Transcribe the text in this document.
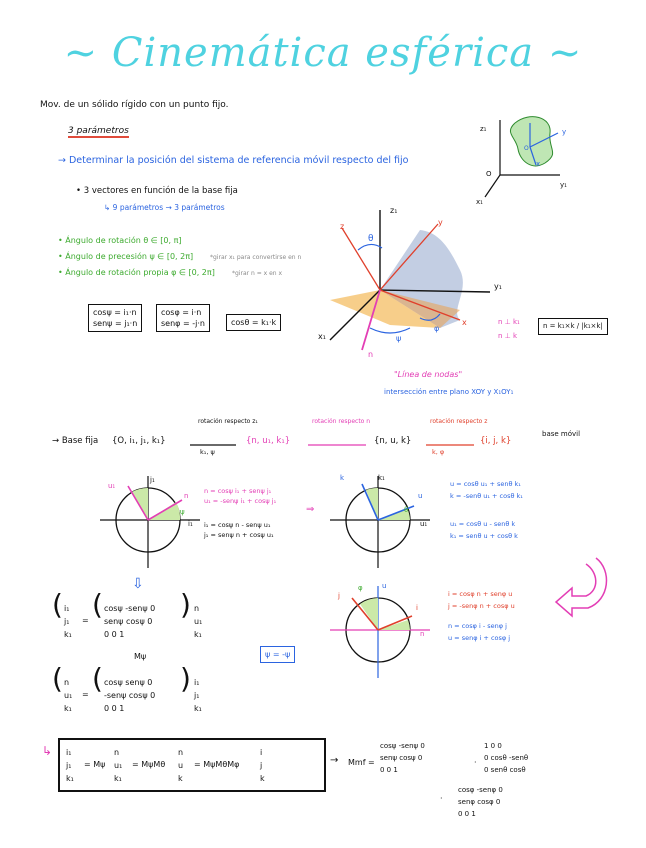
~ Cinemática esférica ~
Mov. de un sólido rígido con un punto fijo.
3 parámetros
→ Determinar la posición del sistema de referencia móvil respecto del fijo
• 3 vectores en función de la base fija
↳ 9 parámetros → 3 parámetros
• Ángulo de rotación θ ∈ [0, π]
• Ángulo de precesión ψ ∈ [0, 2π]	*girar x₁ para convertirse en n
• Ángulo de rotación propia φ ∈ [0, 2π]	*girar n = x en x
cosψ = i₁·n
senψ = j₁·n
cosφ = i·n
senφ = -j·n	cosθ = k₁·k
z₁
y₁
x₁
O
x
y
O
z₁
z	y
y₁
x₁
x
n
θ
ψ
φ
"Línea de nodas"
intersección entre plano XOY y X₁OY₁
n ⊥ k₁
n ⊥ k
n = k₁×k / |k₁×k|
→ Base fija {O, i₁, j₁, k₁}
rotación respecto z₁
k₁, ψ
{n, u₁, k₁}
rotación respecto n
{n, u, k}
rotación respecto z
k, φ
{i, j, k}
base móvil
u₁
j₁
n
i₁
ψ
n = cosψ i₁ + senψ j₁
u₁ = -senψ i₁ + cosψ j₁
i₁ = cosψ n - senψ u₁
j₁ = senψ n + cosψ u₁
⇒
k	k₁
u
u₁
θ
u = cosθ u₁ + senθ k₁
k = -senθ u₁ + cosθ k₁
u₁ = cosθ u - senθ k
k₁ = senθ u + cosθ k
⇩
j
φ	u
i
n
i = cosφ n + senφ u
j = -senφ n + cosφ u
n = cosφ i - senφ j
u = senφ i + cosφ j
( i₁
j₁
k₁
= ( cosψ -senψ 0
senψ cosψ 0
0 0 1
) n
u₁
k₁
Mψ	ψ = -ψ
( n
u₁
k₁
= ( cosψ senψ 0
-senψ cosψ 0
0 0 1
) i₁
j₁
k₁
↳ i₁
j₁
k₁
= Mψ
n
u₁
k₁
= MψMθ
n
u
k
= MψMθMφ
i
j
k
→ Mmf =
cosψ -senψ 0
senψ cosψ 0
0 0 1
·
1 0 0
0 cosθ -senθ
0 senθ cosθ
·
cosφ -senφ 0
senφ cosφ 0
0 0 1
